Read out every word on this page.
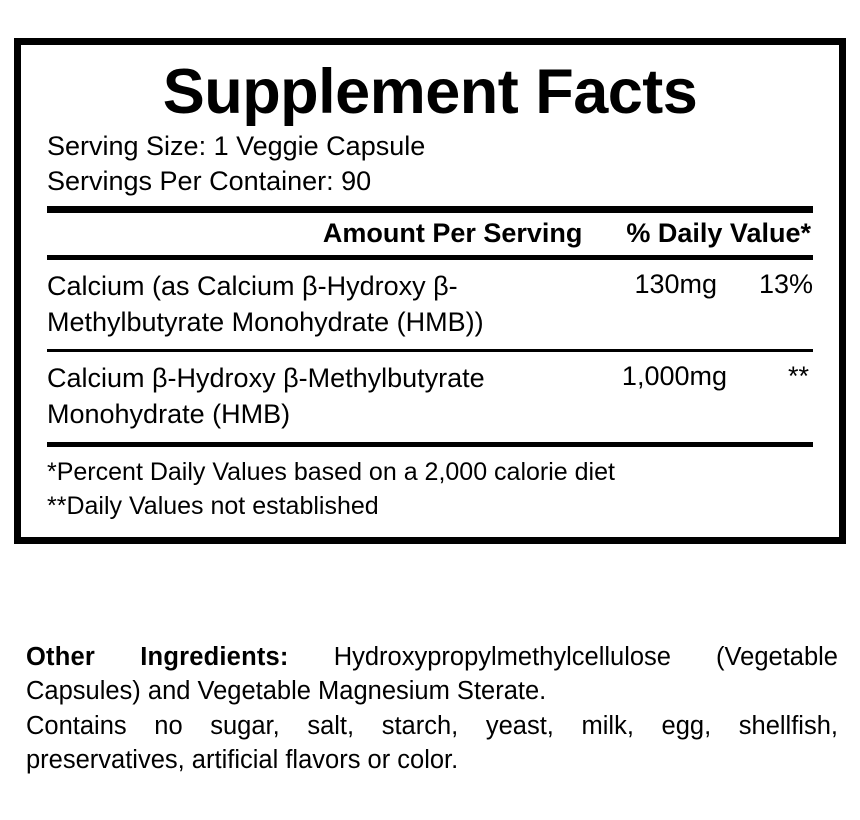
Supplement Facts
Serving Size: 1 Veggie Capsule
Servings Per Container: 90
Amount Per Serving % Daily Value*
Calcium (as Calcium β-Hydroxy β-Methylbutyrate Monohydrate (HMB))
130mg	13%
Calcium β-Hydroxy β-Methylbutyrate Monohydrate (HMB)
1,000mg	**
*Percent Daily Values based on a 2,000 calorie diet
**Daily Values not established

Other Ingredients: Hydroxypropylmethylcellulose (Vegetable Capsules) and Vegetable Magnesium Sterate.

Contains no sugar, salt, starch, yeast, milk, egg, shellfish, preservatives, artificial flavors or color.
